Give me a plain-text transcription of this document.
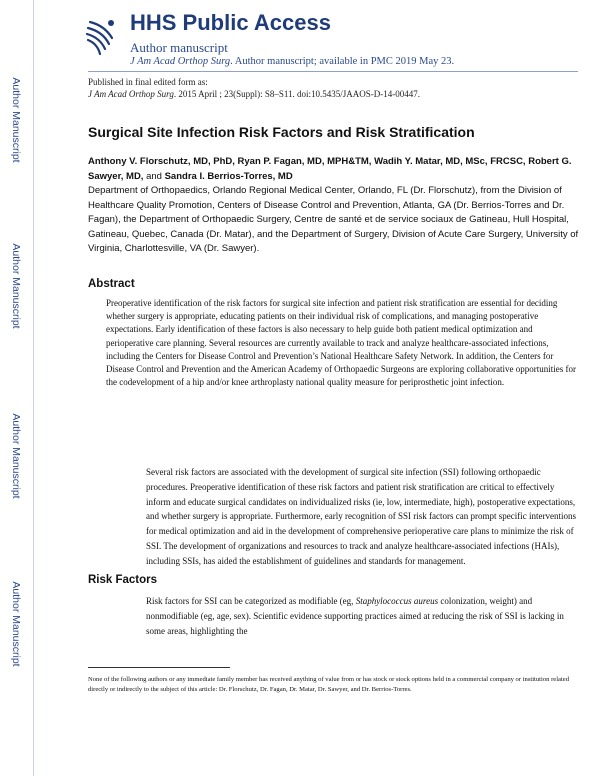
Author Manuscript
Author Manuscript
Author Manuscript
Author Manuscript
HHS Public Access
Author manuscript
J Am Acad Orthop Surg. Author manuscript; available in PMC 2019 May 23.
Published in final edited form as:
J Am Acad Orthop Surg. 2015 April ; 23(Suppl): S8–S11. doi:10.5435/JAAOS-D-14-00447.
Surgical Site Infection Risk Factors and Risk Stratification
Anthony V. Florschutz, MD, PhD, Ryan P. Fagan, MD, MPH&TM, Wadih Y. Matar, MD, MSc, FRCSC, Robert G. Sawyer, MD, and Sandra I. Berrios-Torres, MD
Department of Orthopaedics, Orlando Regional Medical Center, Orlando, FL (Dr. Florschutz), from the Division of Healthcare Quality Promotion, Centers of Disease Control and Prevention, Atlanta, GA (Dr. Berrios-Torres and Dr. Fagan), the Department of Orthopaedic Surgery, Centre de santé et de service sociaux de Gatineau, Hull Hospital, Gatineau, Quebec, Canada (Dr. Matar), and the Department of Surgery, Division of Acute Care Surgery, University of Virginia, Charlottesville, VA (Dr. Sawyer).
Abstract

Preoperative identification of the risk factors for surgical site infection and patient risk stratification are essential for deciding whether surgery is appropriate, educating patients on their individual risk of complications, and managing postoperative expectations. Early identification of these factors is also necessary to help guide both patient medical optimization and perioperative care planning. Several resources are currently available to track and analyze healthcare-associated infections, including the Centers for Disease Control and Prevention’s National Healthcare Safety Network. In addition, the Centers for Disease Control and Prevention and the American Academy of Orthopaedic Surgeons are exploring collaborative opportunities for the codevelopment of a hip and/or knee arthroplasty national quality measure for periprosthetic joint infection.

Several risk factors are associated with the development of surgical site infection (SSI) following orthopaedic procedures. Preoperative identification of these risk factors and patient risk stratification are critical to effectively inform and educate surgical candidates on individualized risks (ie, low, intermediate, high), postoperative expectations, and whether surgery is appropriate. Furthermore, early recognition of SSI risk factors can prompt specific interventions for medical optimization and aid in the development of comprehensive perioperative care plans to minimize the risk of SSI. The development of organizations and resources to track and analyze healthcare-associated infections (HAIs), including SSIs, has aided the establishment of guidelines and standards for management.

Risk Factors

Risk factors for SSI can be categorized as modifiable (eg, Staphylococcus aureus colonization, weight) and nonmodifiable (eg, age, sex). Scientific evidence supporting practices aimed at reducing the risk of SSI is lacking in some areas, highlighting the

None of the following authors or any immediate family member has received anything of value from or has stock or stock options held in a commercial company or institution related directly or indirectly to the subject of this article: Dr. Florschutz, Dr. Fagan, Dr. Matar, Dr. Sawyer, and Dr. Berrios-Torres.
